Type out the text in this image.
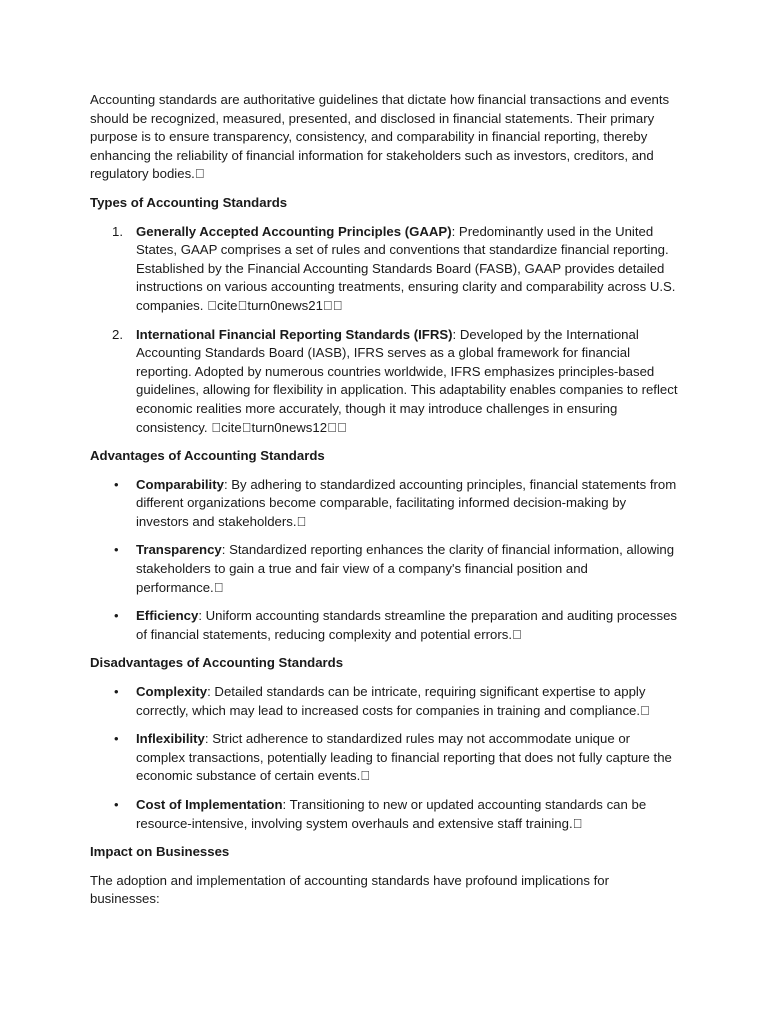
Accounting standards are authoritative guidelines that dictate how financial transactions and events should be recognized, measured, presented, and disclosed in financial statements. Their primary purpose is to ensure transparency, consistency, and comparability in financial reporting, thereby enhancing the reliability of financial information for stakeholders such as investors, creditors, and regulatory bodies.

Types of Accounting Standards

1. Generally Accepted Accounting Principles (GAAP): Predominantly used in the United States, GAAP comprises a set of rules and conventions that standardize financial reporting. Established by the Financial Accounting Standards Board (FASB), GAAP provides detailed instructions on various accounting treatments, ensuring clarity and comparability across U.S. companies. cite turn0news21
2. International Financial Reporting Standards (IFRS): Developed by the International Accounting Standards Board (IASB), IFRS serves as a global framework for financial reporting. Adopted by numerous countries worldwide, IFRS emphasizes principles-based guidelines, allowing for flexibility in application. This adaptability enables companies to reflect economic realities more accurately, though it may introduce challenges in ensuring consistency. cite turn0news12

Advantages of Accounting Standards

• Comparability: By adhering to standardized accounting principles, financial statements from different organizations become comparable, facilitating informed decision-making by investors and stakeholders.
• Transparency: Standardized reporting enhances the clarity of financial information, allowing stakeholders to gain a true and fair view of a company's financial position and performance.
• Efficiency: Uniform accounting standards streamline the preparation and auditing processes of financial statements, reducing complexity and potential errors.

Disadvantages of Accounting Standards

• Complexity: Detailed standards can be intricate, requiring significant expertise to apply correctly, which may lead to increased costs for companies in training and compliance.
• Inflexibility: Strict adherence to standardized rules may not accommodate unique or complex transactions, potentially leading to financial reporting that does not fully capture the economic substance of certain events.
• Cost of Implementation: Transitioning to new or updated accounting standards can be resource-intensive, involving system overhauls and extensive staff training.

Impact on Businesses

The adoption and implementation of accounting standards have profound implications for businesses:
